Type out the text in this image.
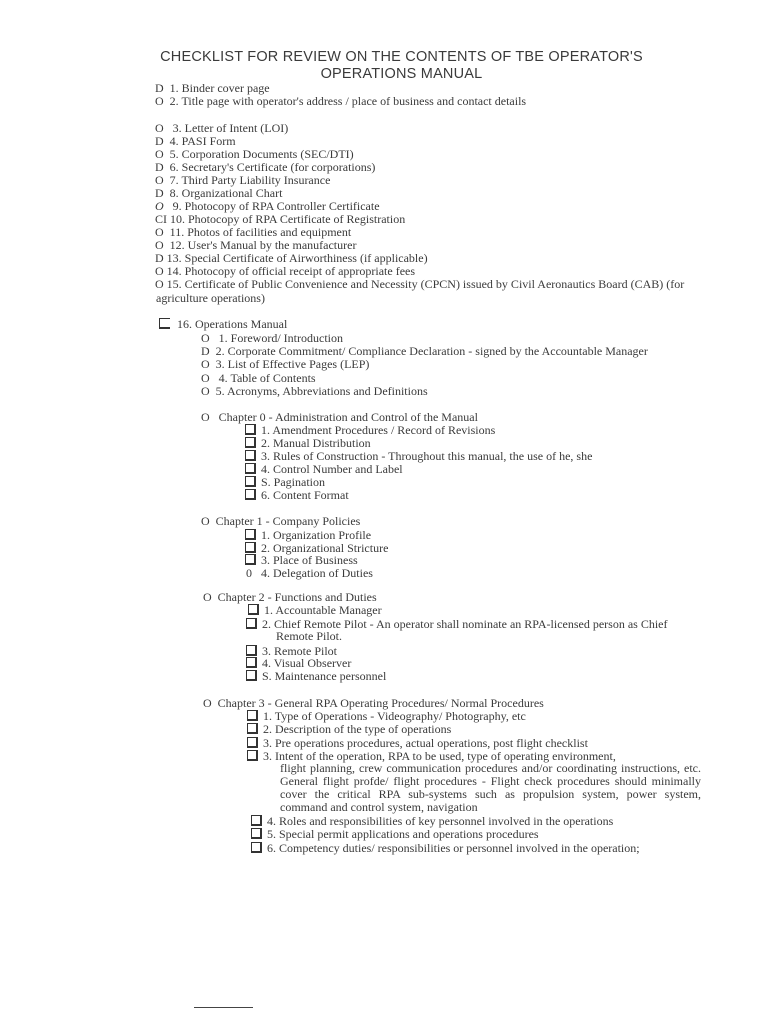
CHECKLIST FOR REVIEW ON THE CONTENTS OF TBE OPERATOR'S
OPERATIONS MANUAL
D 1. Binder cover page
O 2. Title page with operator's address / place of business and contact details
O 3. Letter of Intent (LOI)
D 4. PASI Form
O 5. Corporation Documents (SEC/DTI)
D 6. Secretary's Certificate (for corporations)
O 7. Third Party Liability Insurance
D 8. Organizational Chart
O 9. Photocopy of RPA Controller Certificate
CI 10. Photocopy of RPA Certificate of Registration
O 11. Photos of facilities and equipment
O 12. User's Manual by the manufacturer
D 13. Special Certificate of Airworthiness (if applicable)
O 14. Photocopy of official receipt of appropriate fees
O 15. Certificate of Public Convenience and Necessity (CPCN) issued by Civil Aeronautics Board (CAB) (for
agriculture operations)
16. Operations Manual
O 1. Foreword/ Introduction
D 2. Corporate Commitment/ Compliance Declaration - signed by the Accountable Manager
O 3. List of Effective Pages (LEP)
O 4. Table of Contents
O 5. Acronyms, Abbreviations and Definitions
O Chapter 0 - Administration and Control of the Manual
1. Amendment Procedures / Record of Revisions
2. Manual Distribution
3. Rules of Construction - Throughout this manual, the use of he, she
4. Control Number and Label
S. Pagination
6. Content Format
O Chapter 1 - Company Policies
1. Organization Profile
2. Organizational Stricture
3. Place of Business
0 4. Delegation of Duties
O Chapter 2 - Functions and Duties
1. Accountable Manager
2. Chief Remote Pilot - An operator shall nominate an RPA-licensed person as Chief
Remote Pilot.
3. Remote Pilot
4. Visual Observer
S. Maintenance personnel
O Chapter 3 - General RPA Operating Procedures/ Normal Procedures
1. Type of Operations - Videography/ Photography, etc
2. Description of the type of operations
3. Pre operations procedures, actual operations, post flight checklist
3. Intent of the operation, RPA to be used, type of operating environment,
flight planning, crew communication procedures and/or coordinating instructions, etc. General flight profde/ flight procedures - Flight check procedures should minimally cover the critical RPA sub-systems such as propulsion system, power system, command and control system, navigation
4. Roles and responsibilities of key personnel involved in the operations
5. Special permit applications and operations procedures
6. Competency duties/ responsibilities or personnel involved in the operation;
